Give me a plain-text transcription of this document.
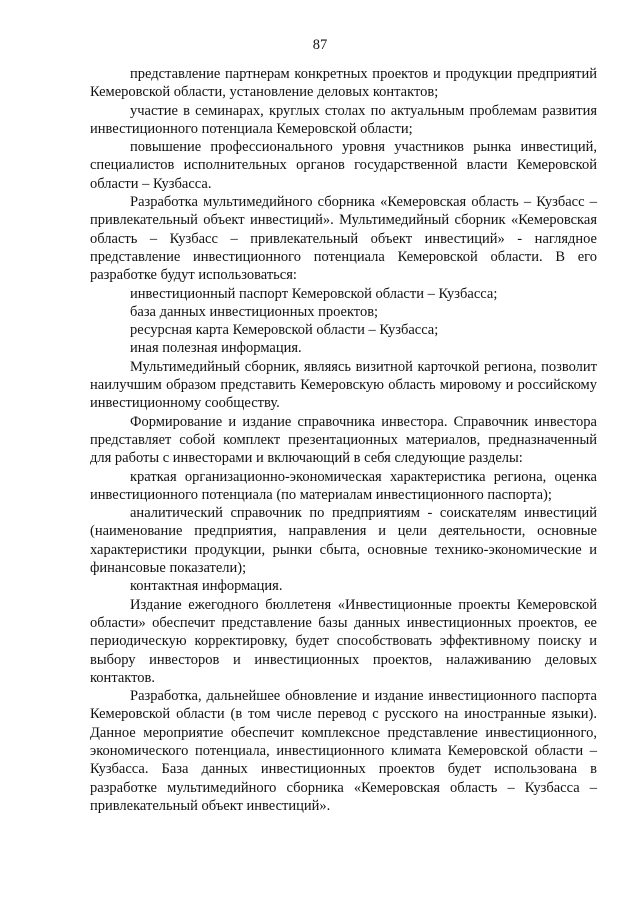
87

представление партнерам конкретных проектов и продукции предприятий Кемеровской области, установление деловых контактов;

участие в семинарах, круглых столах по актуальным проблемам развития инвестиционного потенциала Кемеровской области;

повышение профессионального уровня участников рынка инвестиций, специалистов исполнительных органов государственной власти Кемеровской области – Кузбасса.

Разработка мультимедийного сборника «Кемеровская область – Кузбасс – привлекательный объект инвестиций». Мультимедийный сборник «Кемеровская область – Кузбасс – привлекательный объект инвестиций» - наглядное представление инвестиционного потенциала Кемеровской области. В его разработке будут использоваться:

инвестиционный паспорт Кемеровской области – Кузбасса;

база данных инвестиционных проектов;

ресурсная карта Кемеровской области – Кузбасса;

иная полезная информация.

Мультимедийный сборник, являясь визитной карточкой региона, позволит наилучшим образом представить Кемеровскую область мировому и российскому инвестиционному сообществу.

Формирование и издание справочника инвестора. Справочник инвестора представляет собой комплект презентационных материалов, предназначенный для работы с инвесторами и включающий в себя следующие разделы:

краткая организационно-экономическая характеристика региона, оценка инвестиционного потенциала (по материалам инвестиционного паспорта);

аналитический справочник по предприятиям - соискателям инвестиций (наименование предприятия, направления и цели деятельности, основные характеристики продукции, рынки сбыта, основные технико-экономические и финансовые показатели);

контактная информация.

Издание ежегодного бюллетеня «Инвестиционные проекты Кемеровской области» обеспечит представление базы данных инвестиционных проектов, ее периодическую корректировку, будет способствовать эффективному поиску и выбору инвесторов и инвестиционных проектов, налаживанию деловых контактов.

Разработка, дальнейшее обновление и издание инвестиционного паспорта Кемеровской области (в том числе перевод с русского на иностранные языки). Данное мероприятие обеспечит комплексное представление инвестиционного, экономического потенциала, инвестиционного климата Кемеровской области – Кузбасса. База данных инвестиционных проектов будет использована в разработке мультимедийного сборника «Кемеровская область – Кузбасса – привлекательный объект инвестиций».
